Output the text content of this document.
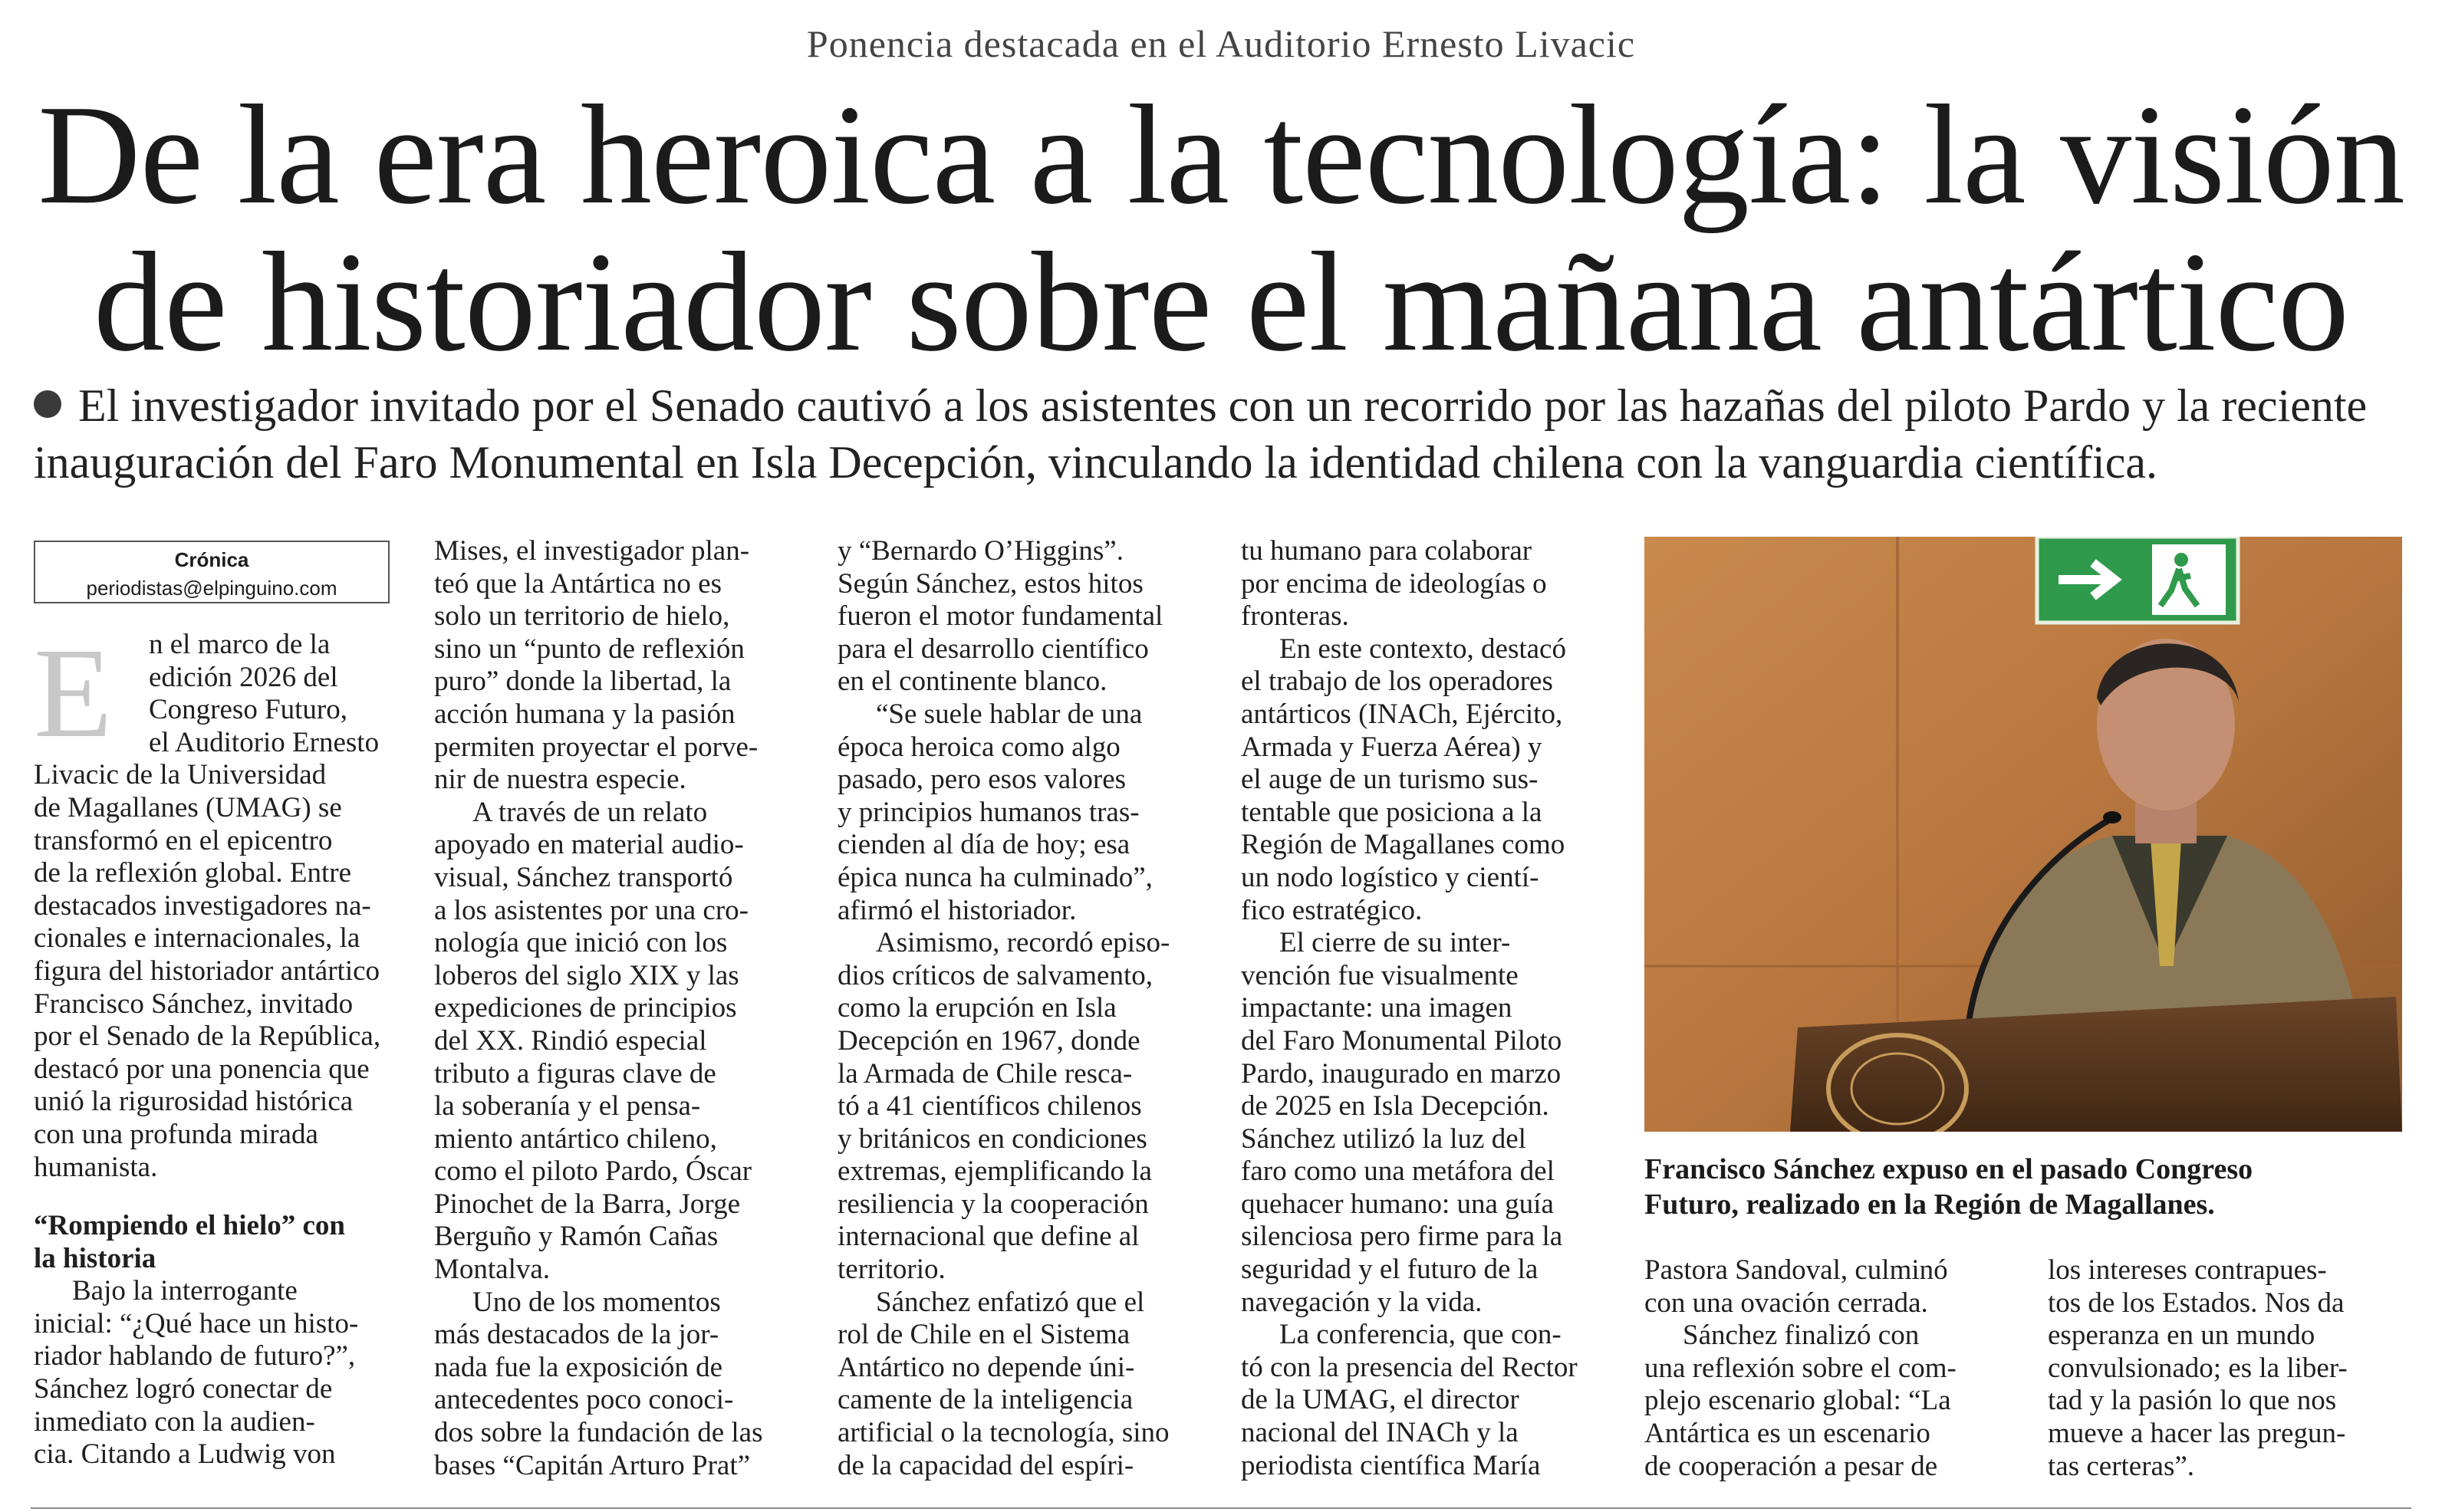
Ponencia destacada en el Auditorio Ernesto Livacic
De la era heroica a la tecnología: la visión
de historiador sobre el mañana antártico
El investigador invitado por el Senado cautivó a los asistentes con un recorrido por las hazañas del piloto Pardo y la reciente
inauguración del Faro Monumental en Isla Decepción, vinculando la identidad chilena con la vanguardia científica.
Crónica
periodistas@elpinguino.com
E	n el marco de la
edición 2026 del
Congreso Futuro,
el Auditorio Ernesto
Livacic de la Universidad
de Magallanes (UMAG) se
transformó en el epicentro
de la reflexión global. Entre
destacados investigadores na-
cionales e internacionales, la
figura del historiador antártico
Francisco Sánchez, invitado
por el Senado de la República,
destacó por una ponencia que
unió la rigurosidad histórica
con una profunda mirada
humanista.
“Rompiendo el hielo” con
la historia
Bajo la interrogante
inicial: “¿Qué hace un histo-
riador hablando de futuro?”,
Sánchez logró conectar de
inmediato con la audien-
cia. Citando a Ludwig von
Mises, el investigador plan-
teó que la Antártica no es
solo un territorio de hielo,
sino un “punto de reflexión
puro” donde la libertad, la
acción humana y la pasión
permiten proyectar el porve-
nir de nuestra especie.
A través de un relato
apoyado en material audio-
visual, Sánchez transportó
a los asistentes por una cro-
nología que inició con los
loberos del siglo XIX y las
expediciones de principios
del XX. Rindió especial
tributo a figuras clave de
la soberanía y el pensa-
miento antártico chileno,
como el piloto Pardo, Óscar
Pinochet de la Barra, Jorge
Berguño y Ramón Cañas
Montalva.
Uno de los momentos
más destacados de la jor-
nada fue la exposición de
antecedentes poco conoci-
dos sobre la fundación de las
bases “Capitán Arturo Prat”
y “Bernardo O’Higgins”.
Según Sánchez, estos hitos
fueron el motor fundamental
para el desarrollo científico
en el continente blanco.
“Se suele hablar de una
época heroica como algo
pasado, pero esos valores
y principios humanos tras-
cienden al día de hoy; esa
épica nunca ha culminado”,
afirmó el historiador.
Asimismo, recordó episo-
dios críticos de salvamento,
como la erupción en Isla
Decepción en 1967, donde
la Armada de Chile resca-
tó a 41 científicos chilenos
y británicos en condiciones
extremas, ejemplificando la
resiliencia y la cooperación
internacional que define al
territorio.
Sánchez enfatizó que el
rol de Chile en el Sistema
Antártico no depende úni-
camente de la inteligencia
artificial o la tecnología, sino
de la capacidad del espíri-
tu humano para colaborar
por encima de ideologías o
fronteras.
En este contexto, destacó
el trabajo de los operadores
antárticos (INACh, Ejército,
Armada y Fuerza Aérea) y
el auge de un turismo sus-
tentable que posiciona a la
Región de Magallanes como
un nodo logístico y cientí-
fico estratégico.
El cierre de su inter-
vención fue visualmente
impactante: una imagen
del Faro Monumental Piloto
Pardo, inaugurado en marzo
de 2025 en Isla Decepción.
Sánchez utilizó la luz del
faro como una metáfora del
quehacer humano: una guía
silenciosa pero firme para la
seguridad y el futuro de la
navegación y la vida.
La conferencia, que con-
tó con la presencia del Rector
de la UMAG, el director
nacional del INACh y la
periodista científica María
Francisco Sánchez expuso en el pasado Congreso
Futuro, realizado en la Región de Magallanes.
Pastora Sandoval, culminó
con una ovación cerrada.
Sánchez finalizó con
una reflexión sobre el com-
plejo escenario global: “La
Antártica es un escenario
de cooperación a pesar de
los intereses contrapues-
tos de los Estados. Nos da
esperanza en un mundo
convulsionado; es la liber-
tad y la pasión lo que nos
mueve a hacer las pregun-
tas certeras”.
